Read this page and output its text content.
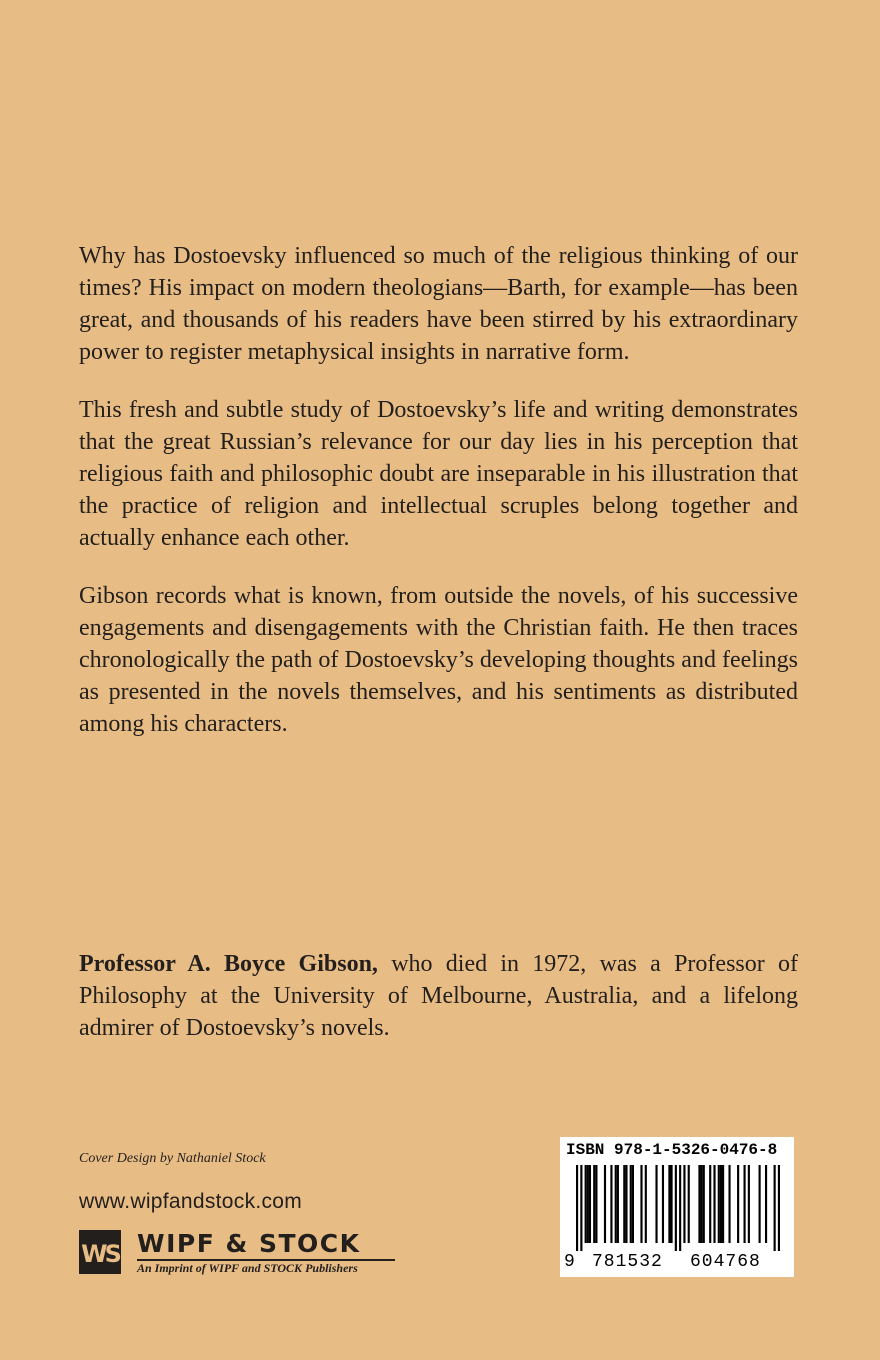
Why has Dostoevsky influenced so much of the religious thinking of our times? His impact on modern theologians—Barth, for example—has been great, and thousands of his readers have been stirred by his extraordinary power to register metaphysical insights in narrative form.

This fresh and subtle study of Dostoevsky’s life and writing demonstrates that the great Russian’s relevance for our day lies in his perception that religious faith and philosophic doubt are inseparable in his illustration that the practice of religion and intellectual scruples belong together and actually enhance each other.

Gibson records what is known, from outside the novels, of his successive engagements and disengagements with the Christian faith. He then traces chronologically the path of Dostoevsky’s developing thoughts and feelings as presented in the novels themselves, and his sentiments as distributed among his characters.

Professor A. Boyce Gibson, who died in 1972, was a Professor of Philosophy at the University of Melbourne, Australia, and a lifelong admirer of Dostoevsky’s novels.

Cover Design by Nathaniel Stock

www.wipfandstock.com

WS WIPF & STOCK
An Imprint of WIPF and STOCK Publishers
ISBN 978-1-5326-0476-8
9 781532 604768
